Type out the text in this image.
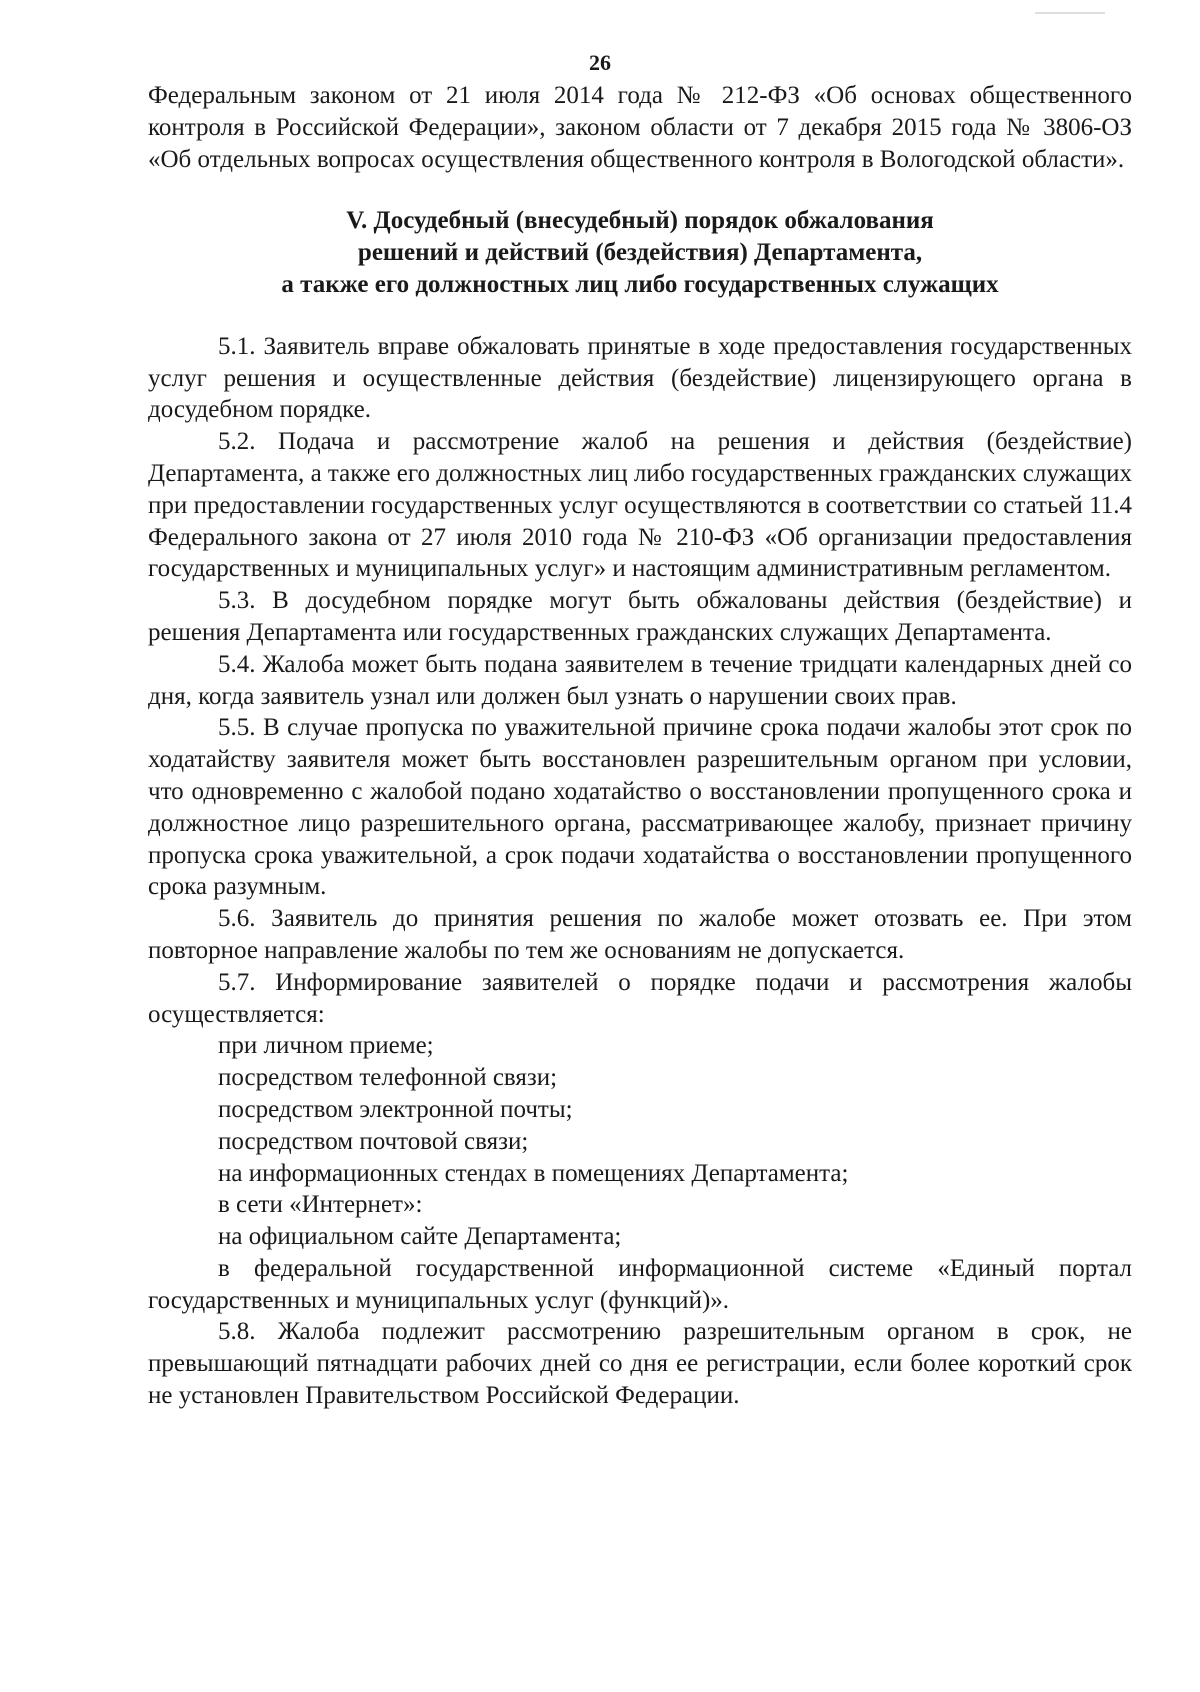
26

Федеральным законом от 21 июля 2014 года № 212-ФЗ «Об основах общественного контроля в Российской Федерации», законом области от 7 декабря 2015 года № 3806-ОЗ «Об отдельных вопросах осуществления общественного контроля в Вологодской области».

V. Досудебный (внесудебный) порядок обжалования
решений и действий (бездействия) Департамента,
а также его должностных лиц либо государственных служащих

5.1. Заявитель вправе обжаловать принятые в ходе предоставления государственных услуг решения и осуществленные действия (бездействие) лицензирующего органа в досудебном порядке.

5.2. Подача и рассмотрение жалоб на решения и действия (бездействие) Департамента, а также его должностных лиц либо государственных гражданских служащих при предоставлении государственных услуг осуществляются в соответствии со статьей 11.4 Федерального закона от 27 июля 2010 года № 210-ФЗ «Об организации предоставления государственных и муниципальных услуг» и настоящим административным регламентом.

5.3. В досудебном порядке могут быть обжалованы действия (бездействие) и решения Департамента или государственных гражданских служащих Департамента.

5.4. Жалоба может быть подана заявителем в течение тридцати календарных дней со дня, когда заявитель узнал или должен был узнать о нарушении своих прав.

5.5. В случае пропуска по уважительной причине срока подачи жалобы этот срок по ходатайству заявителя может быть восстановлен разрешительным органом при условии, что одновременно с жалобой подано ходатайство о восстановлении пропущенного срока и должностное лицо разрешительного органа, рассматривающее жалобу, признает причину пропуска срока уважительной, а срок подачи ходатайства о восстановлении пропущенного срока разумным.

5.6. Заявитель до принятия решения по жалобе может отозвать ее. При этом повторное направление жалобы по тем же основаниям не допускается.

5.7. Информирование заявителей о порядке подачи и рассмотрения жалобы осуществляется:

при личном приеме;

посредством телефонной связи;

посредством электронной почты;

посредством почтовой связи;

на информационных стендах в помещениях Департамента;

в сети «Интернет»:

на официальном сайте Департамента;

в федеральной государственной информационной системе «Единый портал государственных и муниципальных услуг (функций)».

5.8. Жалоба подлежит рассмотрению разрешительным органом в срок, не превышающий пятнадцати рабочих дней со дня ее регистрации, если более короткий срок не установлен Правительством Российской Федерации.
